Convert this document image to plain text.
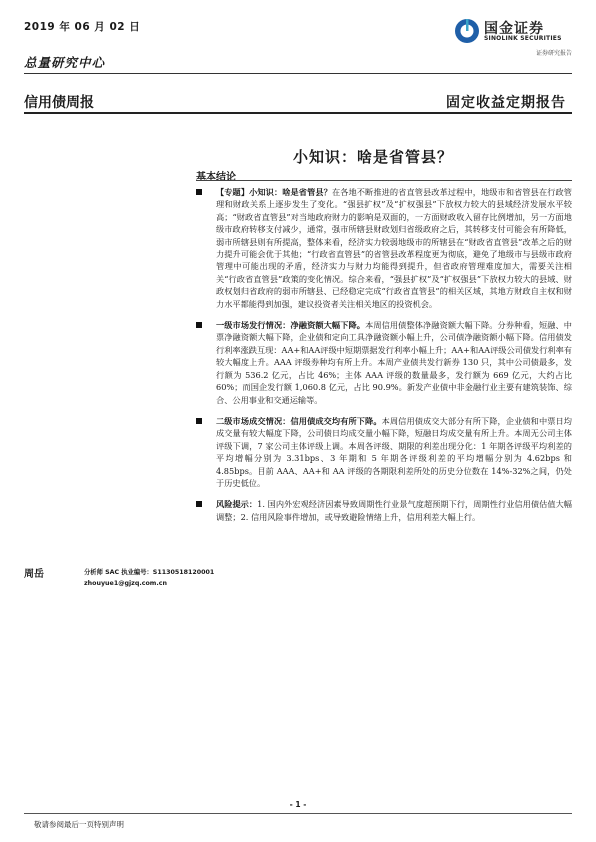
2019 年 06 月 02 日
总量研究中心
信用债周报	固定收益定期报告
国金证券
SINOLINK SECURITIES
证券研究报告
小知识：啥是省管县？
基本结论
【专题】小知识：啥是省管县？在各地不断推进的省直管县改革过程中，地级市和省管县在行政管理和财政关系上逐步发生了变化。“强县扩权”及“扩权强县”下放权力较大的县域经济发展水平较高；“财政省直管县”对当地政府财力的影响是双面的，一方面财政收入留存比例增加，另一方面地级市政府转移支付减少，通常，强市所辖县财政划归省级政府之后，其转移支付可能会有所降低，弱市所辖县则有所提高，整体来看，经济实力较弱地级市的所辖县在“财政省直管县”改革之后的财力提升可能会优于其他；“行政省直管县”的省管县改革程度更为彻底，避免了地级市与县级市政府管理中可能出现的矛盾，经济实力与财力均能得到提升，但省政府管理难度加大，需要关注相关“行政省直管县”政策的变化情况。综合来看，“强县扩权”及“扩权强县”下放权力较大的县域、财政权划归省政府的弱市所辖县、已经稳定完成“行政省直管县”的相关区域，其地方财政自主权和财力水平都能得到加强，建议投资者关注相关地区的投资机会。
一级市场发行情况：净融资额大幅下降。本周信用债整体净融资额大幅下降。分券种看，短融、中票净融资额大幅下降，企业债和定向工具净融资额小幅上升，公司债净融资额小幅下降。信用债发行利率涨跌互现：AA+和AA评级中短期票据发行利率小幅上升；AA+和AA评级公司债发行利率有较大幅度上升。AAA 评级券种均有所上升。本周产业债共发行新券 130 只，其中公司债最多，发行额为 536.2 亿元，占比 46%；主体 AAA 评级的数量最多，发行额为 669 亿元，大约占比 60%；而国企发行额 1,060.8 亿元，占比 90.9%。新发产业债中非金融行业主要有建筑装饰、综合、公用事业和交通运输等。
二级市场成交情况：信用债成交均有所下降。本周信用债成交大部分有所下降，企业债和中票日均成交量有较大幅度下降，公司债日均成交量小幅下降，短融日均成交量有所上升。本周无公司主体评级下调，7 家公司主体评级上调。本周各评级、期限的利差出现分化：1 年期各评级平均利差的平均增幅分别为 3.31bps、3 年期和 5 年期各评级利差的平均增幅分别为 4.62bps 和 4.85bps。目前 AAA、AA+和 AA 评级的各期限利差所处的历史分位数在 14%-32%之间，仍处于历史低位。
风险提示：1. 国内外宏观经济因素导致周期性行业景气度超预期下行，周期性行业信用债估值大幅调整；2. 信用风险事件增加，或导致避险情绪上升，信用利差大幅上行。
周岳	分析师 SAC 执业编号：S1130518120001
zhouyue1@gjzq.com.cn
- 1 -
敬请参阅最后一页特别声明
